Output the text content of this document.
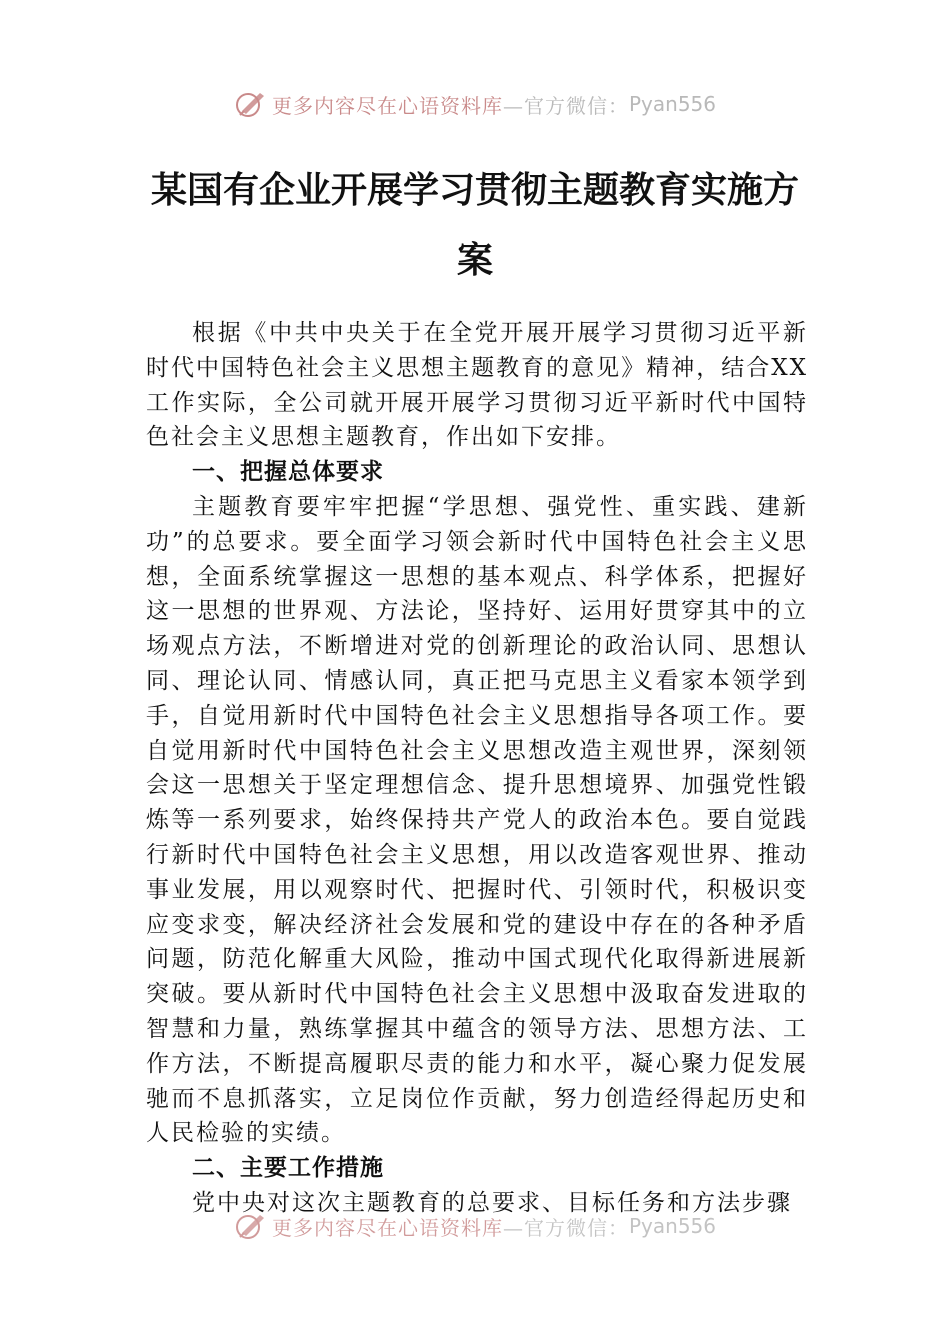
更多内容尽在心语资料库 —官方微信： Pyan556
某国有企业开展学习贯彻主题教育实施方
案

根据《中共中央关于在全党开展开展学习贯彻习近平新时代中国特色社会主义思想主题教育的意见》精神，结合XX工作实际，全公司就开展开展学习贯彻习近平新时代中国特色社会主义思想主题教育，作出如下安排。

一、把握总体要求

主题教育要牢牢把握“学思想、强党性、重实践、建新功”的总要求。要全面学习领会新时代中国特色社会主义思想，全面系统掌握这一思想的基本观点、科学体系，把握好这一思想的世界观、方法论，坚持好、运用好贯穿其中的立场观点方法，不断增进对党的创新理论的政治认同、思想认同、理论认同、情感认同，真正把马克思主义看家本领学到手，自觉用新时代中国特色社会主义思想指导各项工作。要自觉用新时代中国特色社会主义思想改造主观世界，深刻领会这一思想关于坚定理想信念、提升思想境界、加强党性锻炼等一系列要求，始终保持共产党人的政治本色。要自觉践行新时代中国特色社会主义思想，用以改造客观世界、推动事业发展，用以观察时代、把握时代、引领时代，积极识变应变求变，解决经济社会发展和党的建设中存在的各种矛盾问题，防范化解重大风险，推动中国式现代化取得新进展新突破。要从新时代中国特色社会主义思想中汲取奋发进取的智慧和力量，熟练掌握其中蕴含的领导方法、思想方法、工作方法，不断提高履职尽责的能力和水平，凝心聚力促发展驰而不息抓落实，立足岗位作贡献，努力创造经得起历史和人民检验的实绩。

二、主要工作措施

党中央对这次主题教育的总要求、目标任务和方法步骤

更多内容尽在心语资料库 —官方微信： Pyan556
